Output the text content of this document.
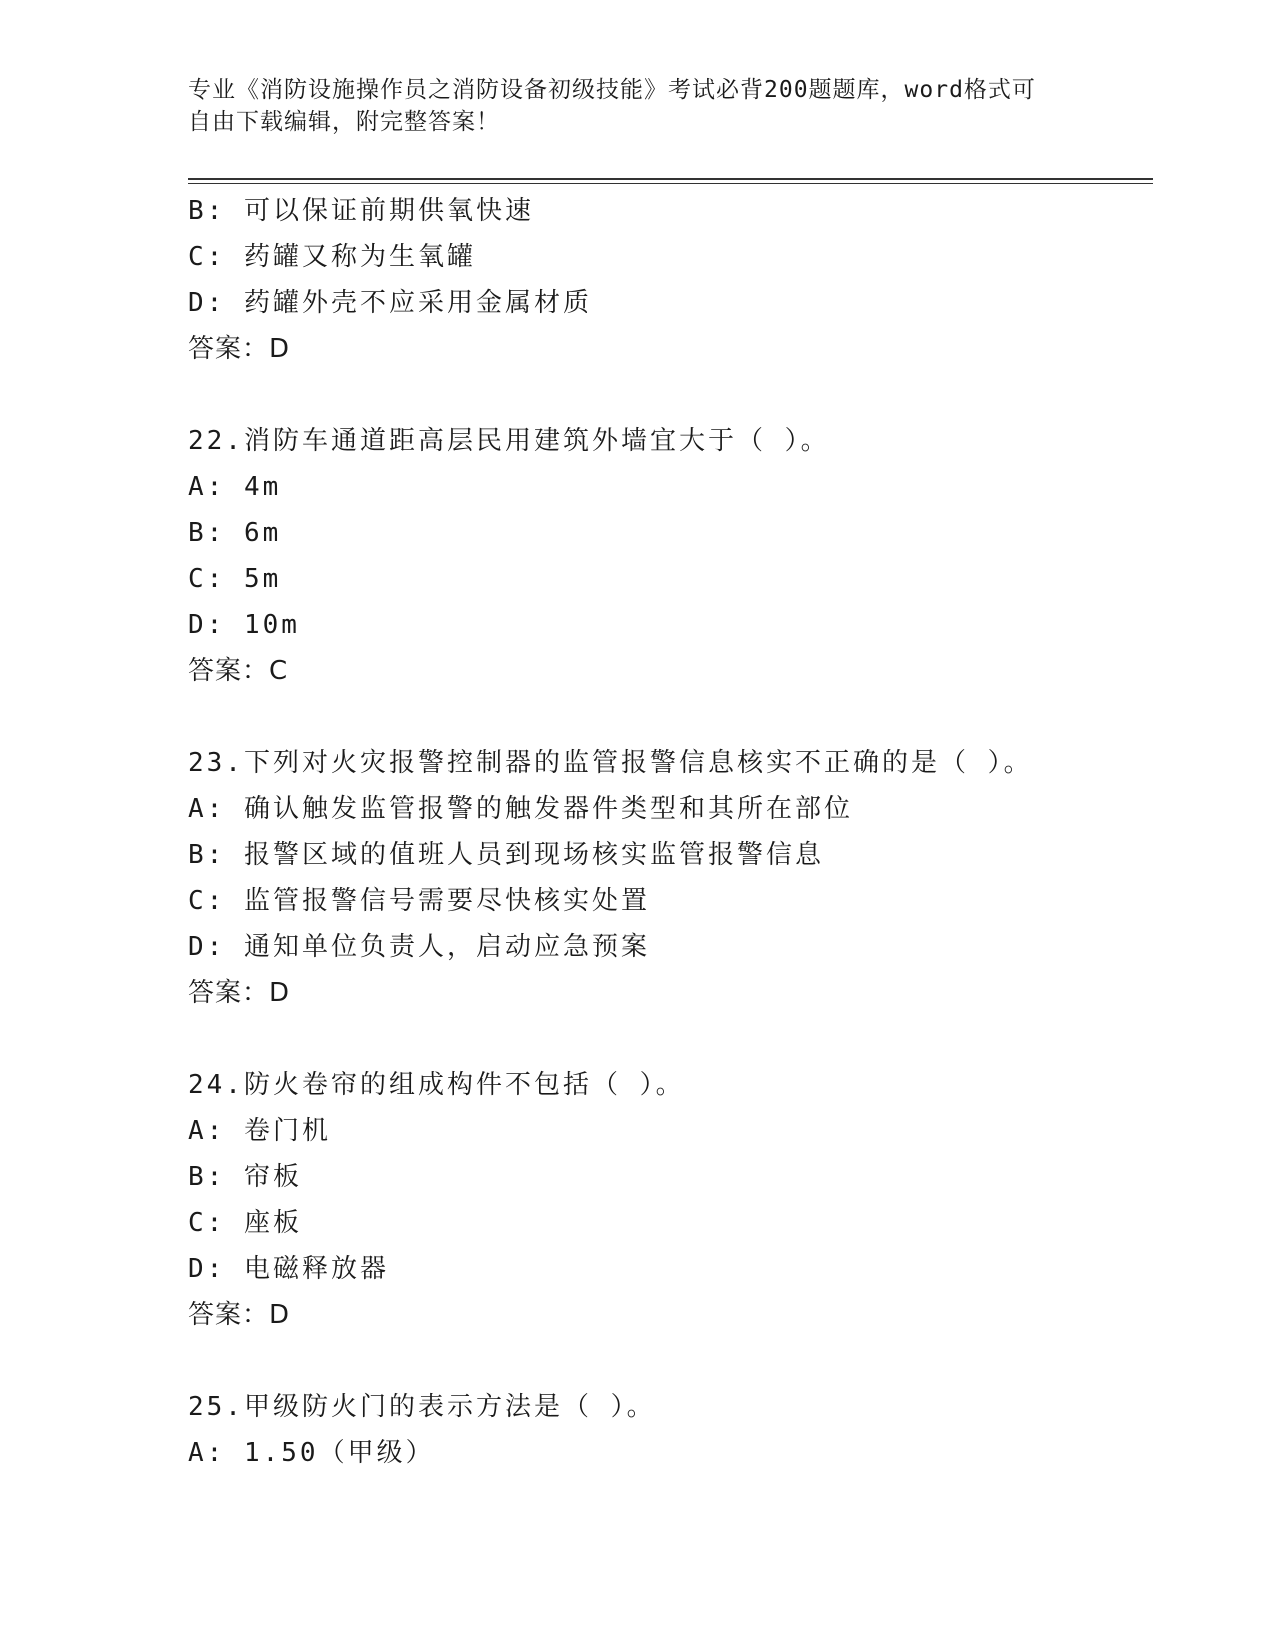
专业《消防设施操作员之消防设备初级技能》考试必背200题题库，word格式可
自由下载编辑，附完整答案！
B: 可以保证前期供氧快速
C: 药罐又称为生氧罐
D: 药罐外壳不应采用金属材质
答案：D
22.消防车通道距高层民用建筑外墙宜大于（ ）。
A: 4m
B: 6m
C: 5m
D: 10m
答案：C
23.下列对火灾报警控制器的监管报警信息核实不正确的是（ ）。
A: 确认触发监管报警的触发器件类型和其所在部位
B: 报警区域的值班人员到现场核实监管报警信息
C: 监管报警信号需要尽快核实处置
D: 通知单位负责人，启动应急预案
答案：D
24.防火卷帘的组成构件不包括（ ）。
A: 卷门机
B: 帘板
C: 座板
D: 电磁释放器
答案：D
25.甲级防火门的表示方法是（ ）。
A: 1.50（甲级）
